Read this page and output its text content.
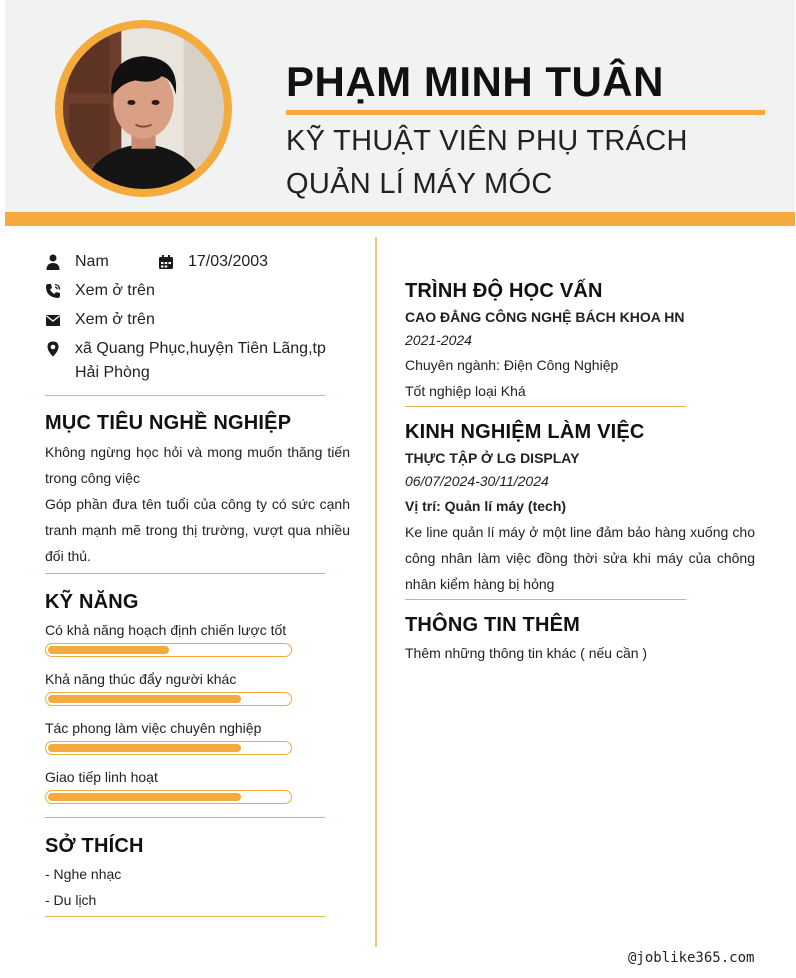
PHẠM MINH TUÂN
KỸ THUẬT VIÊN PHỤ TRÁCH QUẢN LÍ MÁY MÓC
Nam	17/03/2003
Xem ở trên
Xem ở trên
xã Quang Phục,huyện Tiên Lãng,tp Hải Phòng
MỤC TIÊU NGHỀ NGHIỆP
Không ngừng học hỏi và mong muốn thăng tiến trong công việc
Góp phần đưa tên tuổi của công ty có sức cạnh tranh mạnh mẽ trong thị trường, vượt qua nhiều đối thủ.
KỸ NĂNG
Có khả năng hoạch định chiến lược tốt
Khả năng thúc đẩy người khác
Tác phong làm việc chuyên nghiệp
Giao tiếp linh hoạt
SỞ THÍCH
- Nghe nhạc
- Du lịch
TRÌNH ĐỘ HỌC VẤN
CAO ĐẲNG CÔNG NGHỆ BÁCH KHOA HN
2021-2024
Chuyên ngành: Điện Công Nghiệp
Tốt nghiệp loại Khá
KINH NGHIỆM LÀM VIỆC
THỰC TẬP Ở LG DISPLAY
06/07/2024-30/11/2024
Vị trí: Quản lí máy (tech)
Ke line quản lí máy ở một line đảm bảo hàng xuống cho công nhân làm việc đồng thời sửa khi máy của chông nhân kiểm hàng bị hỏng
THÔNG TIN THÊM
Thêm những thông tin khác ( nếu cần )
@joblike365.com
